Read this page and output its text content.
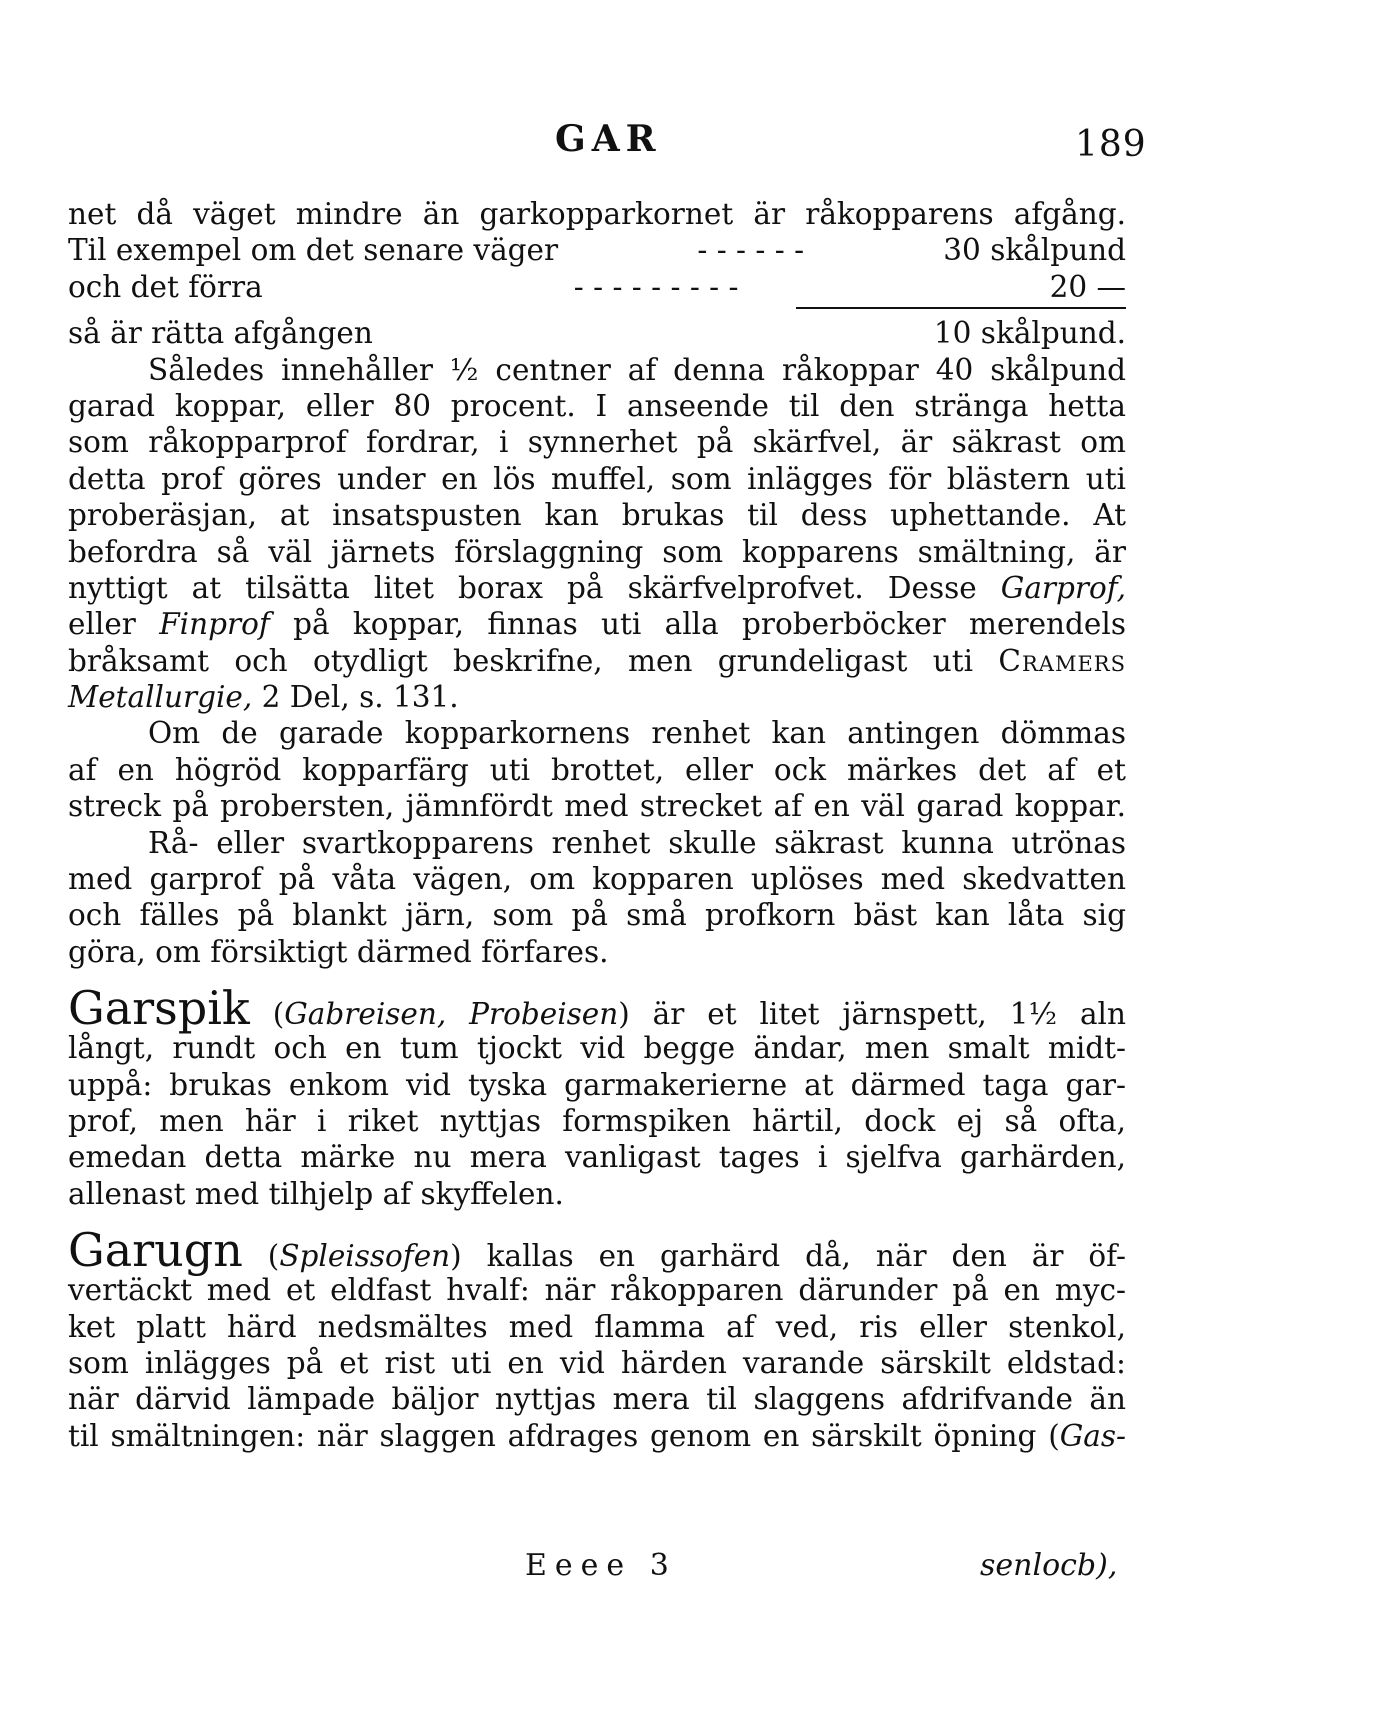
GAR	189
net då väget mindre än garkopparkornet är råkopparens afgång.
Til exempel om det senare väger	- - - - - -	30 skålpund
och det förra	- - - - - - - - -	20 —
så är rätta afgången	10 skålpund.
Således innehåller ½ centner af denna råkoppar 40 skålpund
garad koppar, eller 80 procent. I anseende til den stränga hetta
som råkopparprof fordrar, i synnerhet på skärfvel, är säkrast om
detta prof göres under en lös muffel, som inlägges för blästern uti
proberäsjan, at insatspusten kan brukas til dess uphettande. At
befordra så väl järnets förslaggning som kopparens smältning, är
nyttigt at tilsätta litet borax på skärfvelprofvet. Desse Garprof,
eller Finprof på koppar, finnas uti alla proberböcker merendels
bråksamt och otydligt beskrifne, men grundeligast uti Cramers
Metallurgie, 2 Del, s. 131.
Om de garade kopparkornens renhet kan antingen dömmas
af en högröd kopparfärg uti brottet, eller ock märkes det af et
streck på probersten, jämnfördt med strecket af en väl garad koppar.
Rå- eller svartkopparens renhet skulle säkrast kunna utrönas
med garprof på våta vägen, om kopparen uplöses med skedvatten
och fälles på blankt järn, som på små profkorn bäst kan låta sig
göra, om försiktigt därmed förfares.
Garspik (Gabreisen, Probeisen) är et litet järnspett, 1½ aln
långt, rundt och en tum tjockt vid begge ändar, men smalt midt-
uppå: brukas enkom vid tyska garmakerierne at därmed taga gar-
prof, men här i riket nyttjas formspiken härtil, dock ej så ofta,
emedan detta märke nu mera vanligast tages i sjelfva garhärden,
allenast med tilhjelp af skyffelen.
Garugn (Spleissofen) kallas en garhärd då, när den är öf-
vertäckt med et eldfast hvalf: när råkopparen därunder på en myc-
ket platt härd nedsmältes med flamma af ved, ris eller stenkol,
som inlägges på et rist uti en vid härden varande särskilt eldstad:
när därvid lämpade bäljor nyttjas mera til slaggens afdrifvande än
til smältningen: när slaggen afdrages genom en särskilt öpning (Gas-
Eeee 3	senlocb),
